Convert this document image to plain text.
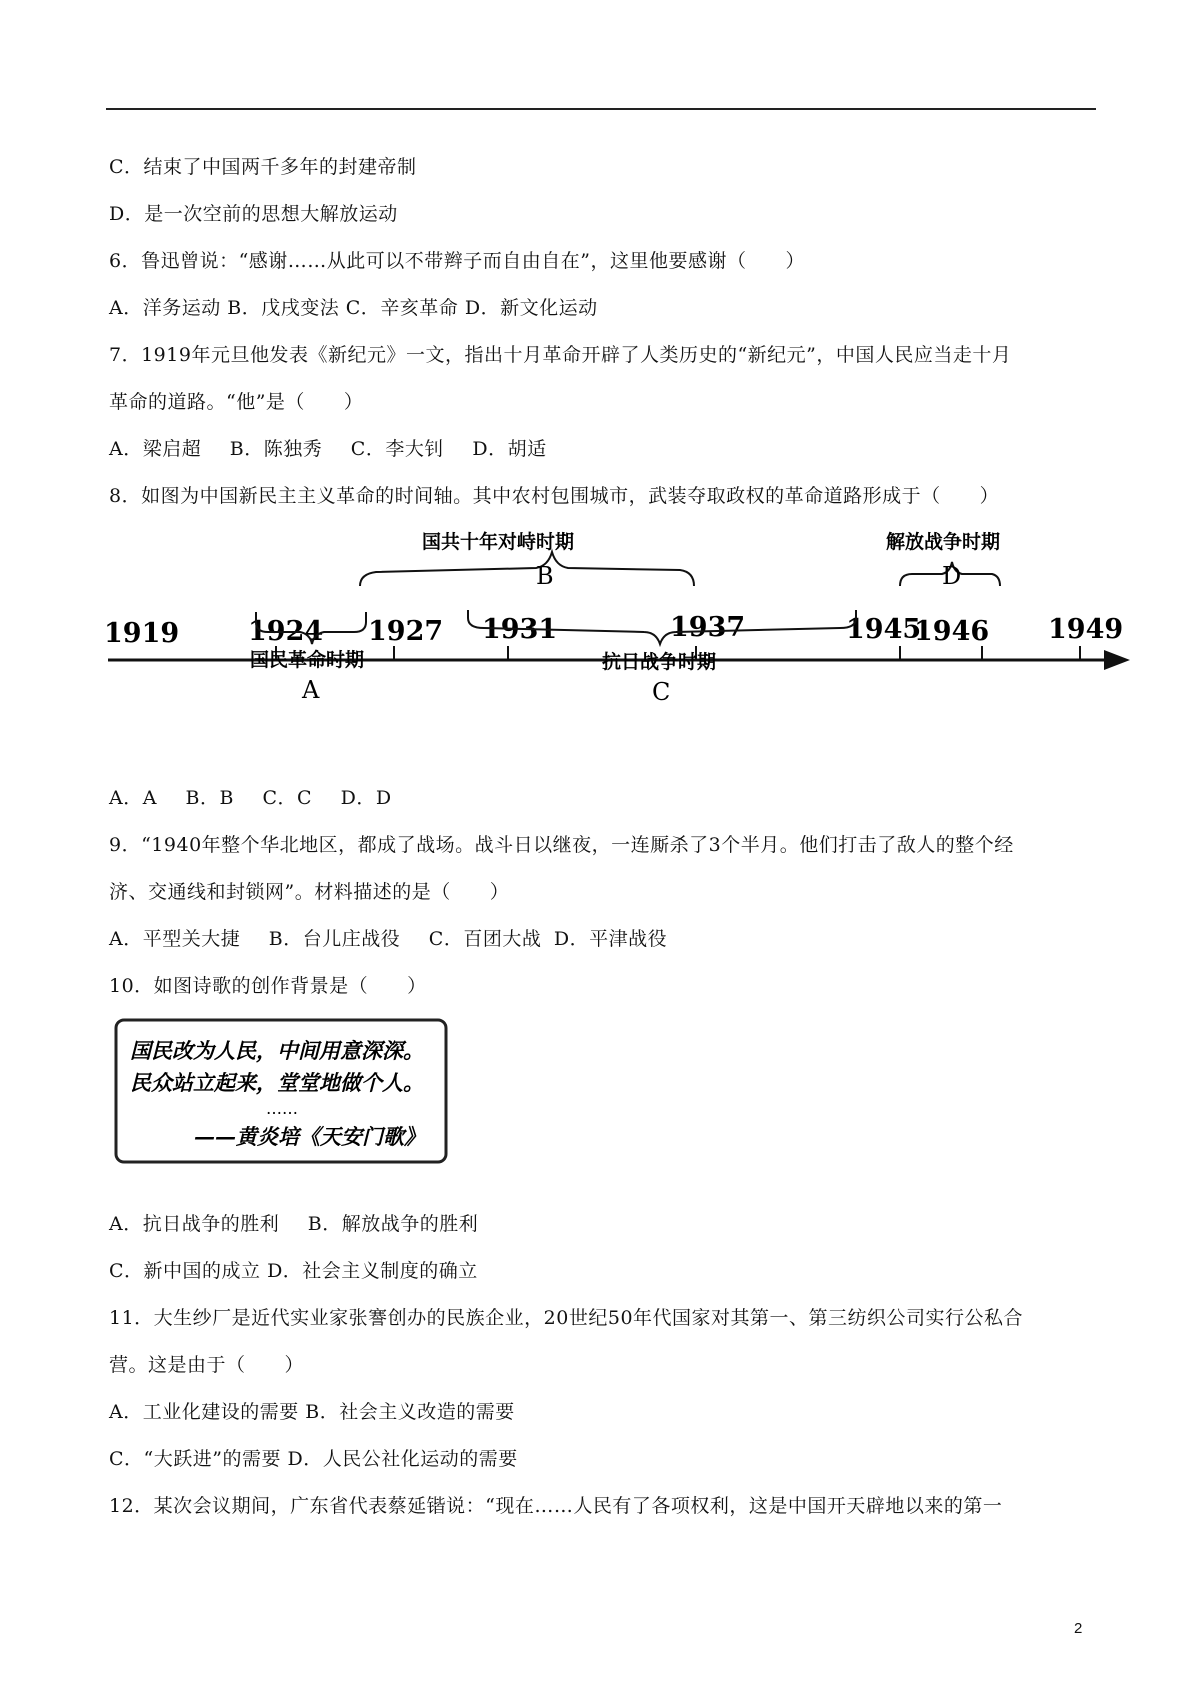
C．结束了中国两千多年的封建帝制
D．是一次空前的思想大解放运动
6．鲁迅曾说：“感谢……从此可以不带辫子而自由自在”，这里他要感谢（　　）
A．洋务运动 B．戊戌变法 C．辛亥革命 D．新文化运动
7．1919年元旦他发表《新纪元》一文，指出十月革命开辟了人类历史的“新纪元”，中国人民应当走十月
革命的道路。“他”是（　　）
A．梁启超 B．陈独秀 C．李大钊 D．胡适
8．如图为中国新民主主义革命的时间轴。其中农村包围城市，武装夺取政权的革命道路形成于（　　）
1919	1924 1927 1931	1937	1945
1946 1949
国共十年对峙时期
B
解放战争时期
D
国民革命时期
A
抗日战争时期
C
A．A B．B C．C D．D
9．“1940年整个华北地区，都成了战场。战斗日以继夜，一连厮杀了3个半月。他们打击了敌人的整个经
济、交通线和封锁网”。材料描述的是（　　）
A．平型关大捷 B．台儿庄战役 C．百团大战 D．平津战役
10．如图诗歌的创作背景是（　　）
国民改为人民，中间用意深深。
民众站立起来，堂堂地做个人。
……
——黄炎培《天安门歌》
A．抗日战争的胜利 B．解放战争的胜利
C．新中国的成立 D．社会主义制度的确立
11．大生纱厂是近代实业家张謇创办的民族企业，20世纪50年代国家对其第一、第三纺织公司实行公私合
营。这是由于（　　）
A．工业化建设的需要 B．社会主义改造的需要
C．“大跃进”的需要 D．人民公社化运动的需要
12．某次会议期间，广东省代表蔡延锴说：“现在……人民有了各项权利，这是中国开天辟地以来的第一
2
